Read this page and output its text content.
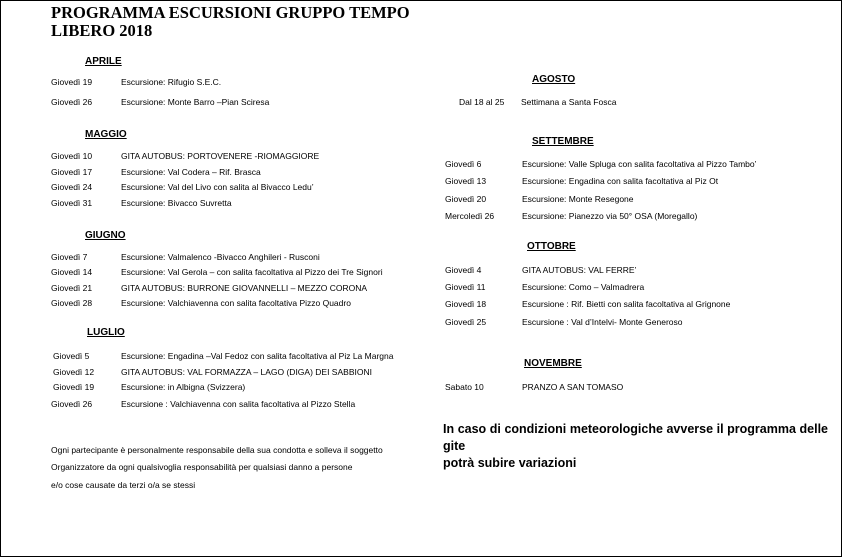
PROGRAMMA ESCURSIONI GRUPPO TEMPO
LIBERO 2018
APRILE
Giovedì 19	Escursione: Rifugio S.E.C.
Giovedì 26	Escursione: Monte Barro –Pian Sciresa
MAGGIO
Giovedì 10	GITA AUTOBUS: PORTOVENERE -RIOMAGGIORE
Giovedì 17	Escursione: Val Codera – Rif. Brasca
Giovedì 24	Escursione: Val del Livo con salita al Bivacco Ledu’
Giovedì 31	Escursione: Bivacco Suvretta
GIUGNO
Giovedì 7	Escursione: Valmalenco -Bivacco Anghileri - Rusconi
Giovedì 14	Escursione: Val Gerola – con salita facoltativa al Pizzo dei Tre Signori
Giovedì 21	GITA AUTOBUS: BURRONE GIOVANNELLI – MEZZO CORONA
Giovedì 28	Escursione: Valchiavenna con salita facoltativa Pizzo Quadro
LUGLIO
Giovedì 5	Escursione: Engadina –Val Fedoz con salita facoltativa al Piz La Margna
Giovedì 12	GITA AUTOBUS: VAL FORMAZZA – LAGO (DIGA) DEI SABBIONI
Giovedì 19	Escursione: in Albigna (Svizzera)
Giovedì 26	Escursione : Valchiavenna con salita facoltativa al Pizzo Stella
Ogni partecipante è personalmente responsabile della sua condotta e solleva il soggetto
Organizzatore da ogni qualsivoglia responsabilità per qualsiasi danno a persone
e/o cose causate da terzi o/a se stessi
AGOSTO
Dal 18 al 25 Settimana a Santa Fosca
SETTEMBRE
Giovedì 6	Escursione: Valle Spluga con salita facoltativa al Pizzo Tambo’
Giovedì 13	Escursione: Engadina con salita facoltativa al Piz Ot
Giovedì 20	Escursione: Monte Resegone
Mercoledì 26	Escursione: Pianezzo via 50° OSA (Moregallo)
OTTOBRE
Giovedì 4	GITA AUTOBUS: VAL FERRE’
Giovedì 11	Escursione: Como – Valmadrera
Giovedì 18	Escursione : Rif. Bietti con salita facoltativa al Grignone
Giovedì 25	Escursione : Val d’Intelvi- Monte Generoso
NOVEMBRE
Sabato 10	PRANZO A SAN TOMASO
In caso di condizioni meteorologiche avverse il programma delle gite
potrà subire variazioni
